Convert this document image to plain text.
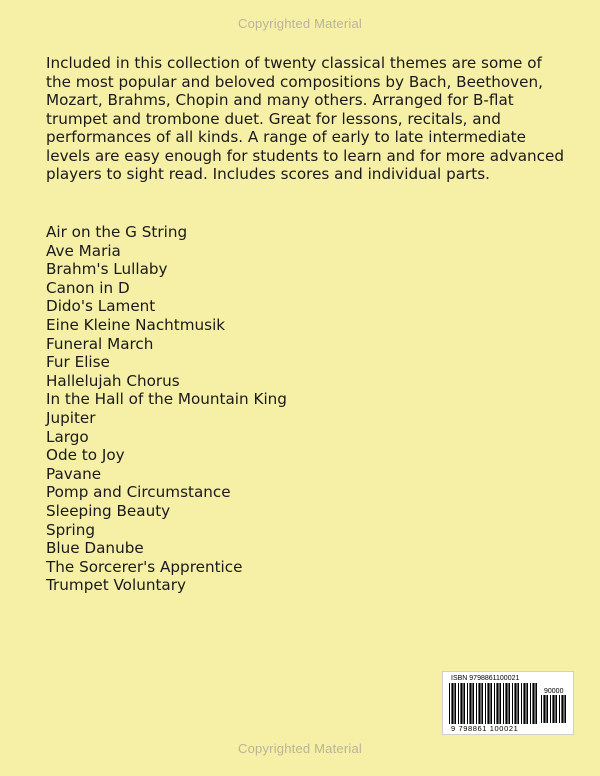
Copyrighted Material

Included in this collection of twenty classical themes are some of the most popular and beloved compositions by Bach, Beethoven, Mozart, Brahms, Chopin and many others. Arranged for B-flat trumpet and trombone duet. Great for lessons, recitals, and performances of all kinds. A range of early to late intermediate levels are easy enough for students to learn and for more advanced players to sight read. Includes scores and individual parts.

Air on the G String
Ave Maria
Brahm's Lullaby
Canon in D
Dido's Lament
Eine Kleine Nachtmusik
Funeral March
Fur Elise
Hallelujah Chorus
In the Hall of the Mountain King
Jupiter
Largo
Ode to Joy
Pavane
Pomp and Circumstance
Sleeping Beauty
Spring
Blue Danube
The Sorcerer's Apprentice
Trumpet Voluntary
ISBN 9798861100021
90000
9 798861 100021
Copyrighted Material
